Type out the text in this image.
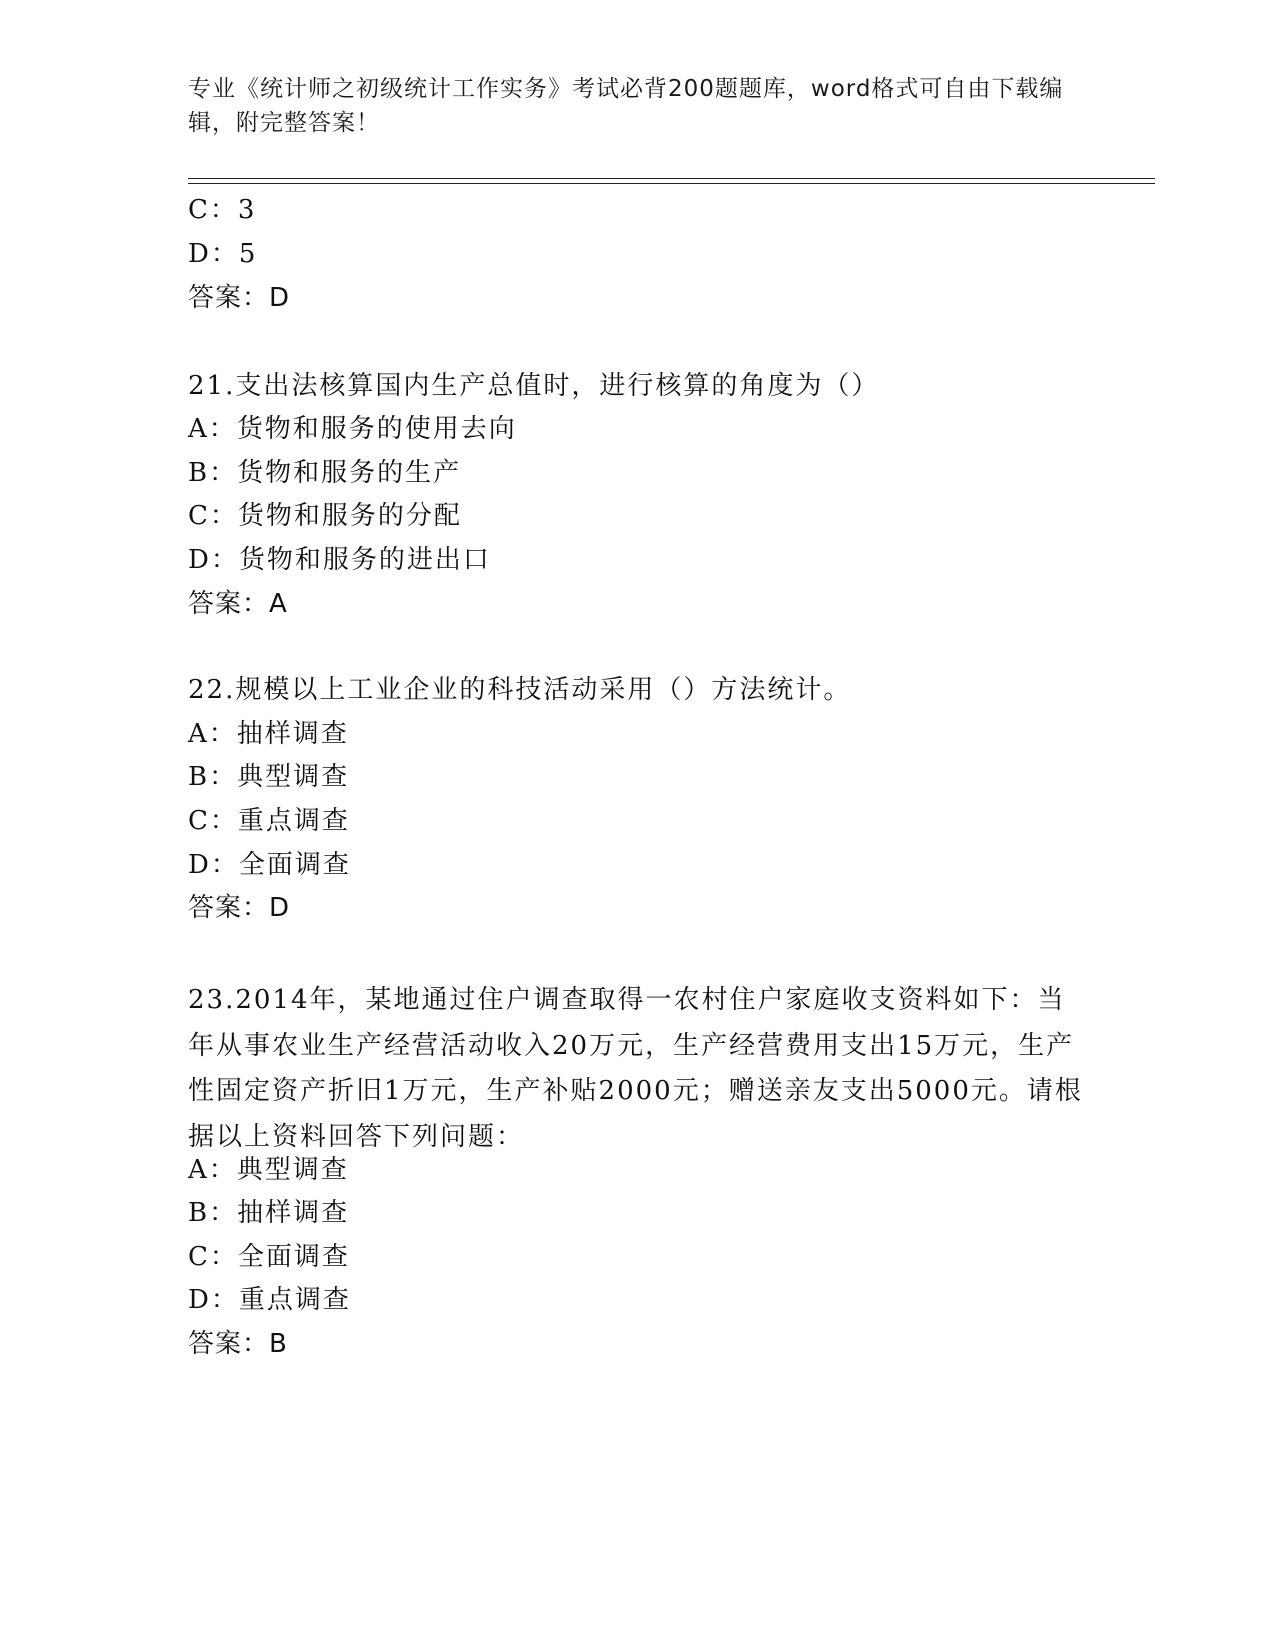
专业《统计师之初级统计工作实务》考试必背200题题库，word格式可自由下载编辑，附完整答案！
C：3
D：5
答案：D
21.支出法核算国内生产总值时，进行核算的角度为（）
A：货物和服务的使用去向
B：货物和服务的生产
C：货物和服务的分配
D：货物和服务的进出口
答案：A
22.规模以上工业企业的科技活动采用（）方法统计。
A：抽样调查
B：典型调查
C：重点调查
D：全面调查
答案：D
23.2014年，某地通过住户调查取得一农村住户家庭收支资料如下：当年从事农业生产经营活动收入20万元，生产经营费用支出15万元，生产性固定资产折旧1万元，生产补贴2000元；赠送亲友支出5000元。请根据以上资料回答下列问题：
A：典型调查
B：抽样调查
C：全面调查
D：重点调查
答案：B
